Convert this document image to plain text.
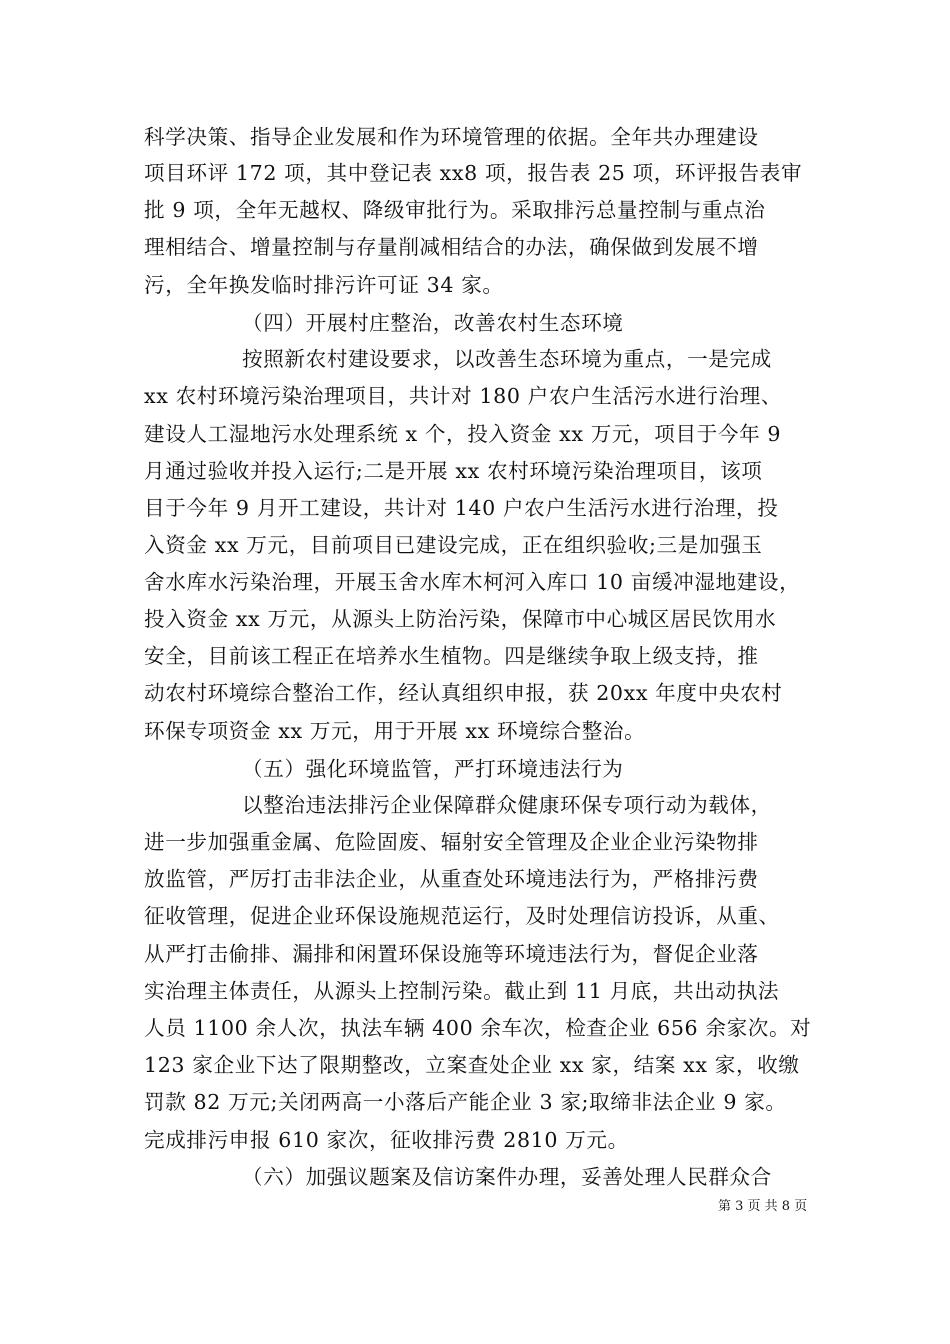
科学决策、指导企业发展和作为环境管理的依据。全年共办理建设
项目环评 172 项，其中登记表 xx8 项，报告表 25 项，环评报告表审
批 9 项，全年无越权、降级审批行为。采取排污总量控制与重点治
理相结合、增量控制与存量削减相结合的办法，确保做到发展不增
污，全年换发临时排污许可证 34 家。
（四）开展村庄整治，改善农村生态环境
按照新农村建设要求，以改善生态环境为重点，一是完成
xx 农村环境污染治理项目，共计对 180 户农户生活污水进行治理、
建设人工湿地污水处理系统 x 个，投入资金 xx 万元，项目于今年 9
月通过验收并投入运行;二是开展 xx 农村环境污染治理项目，该项
目于今年 9 月开工建设，共计对 140 户农户生活污水进行治理，投
入资金 xx 万元，目前项目已建设完成，正在组织验收;三是加强玉
舍水库水污染治理，开展玉舍水库木柯河入库口 10 亩缓冲湿地建设，
投入资金 xx 万元，从源头上防治污染，保障市中心城区居民饮用水
安全，目前该工程正在培养水生植物。四是继续争取上级支持，推
动农村环境综合整治工作，经认真组织申报，获 20xx 年度中央农村
环保专项资金 xx 万元，用于开展 xx 环境综合整治。
（五）强化环境监管，严打环境违法行为
以整治违法排污企业保障群众健康环保专项行动为载体，
进一步加强重金属、危险固废、辐射安全管理及企业企业污染物排
放监管，严厉打击非法企业，从重查处环境违法行为，严格排污费
征收管理，促进企业环保设施规范运行，及时处理信访投诉，从重、
从严打击偷排、漏排和闲置环保设施等环境违法行为，督促企业落
实治理主体责任，从源头上控制污染。截止到 11 月底，共出动执法
人员 1100 余人次，执法车辆 400 余车次，检查企业 656 余家次。对
123 家企业下达了限期整改，立案查处企业 xx 家，结案 xx 家，收缴
罚款 82 万元;关闭两高一小落后产能企业 3 家;取缔非法企业 9 家。
完成排污申报 610 家次，征收排污费 2810 万元。
（六）加强议题案及信访案件办理，妥善处理人民群众合
第 3 页 共 8 页
